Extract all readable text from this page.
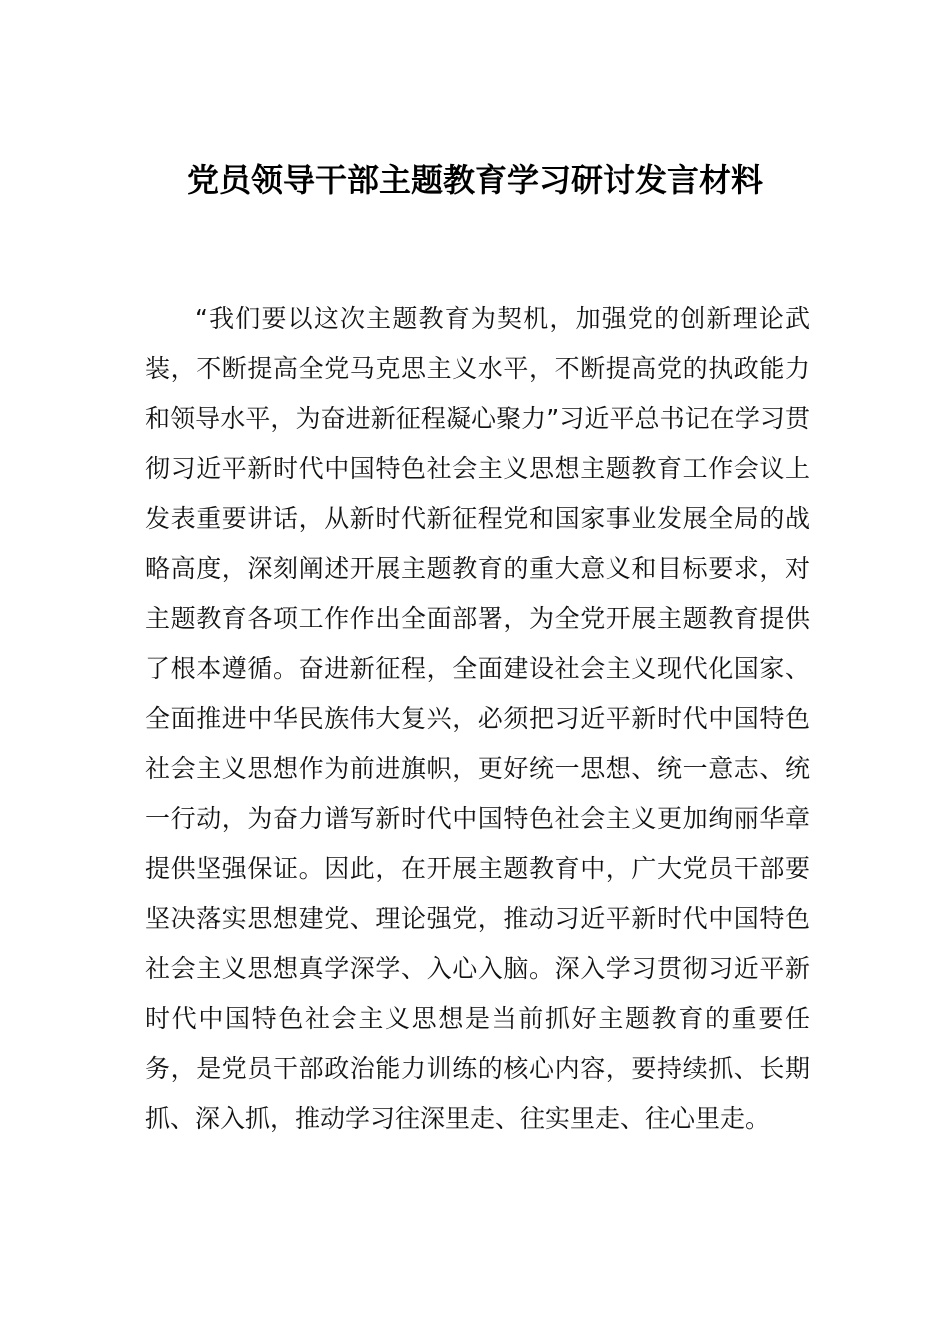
党员领导干部主题教育学习研讨发言材料

“我们要以这次主题教育为契机，加强党的创新理论武装，不断提高全党马克思主义水平，不断提高党的执政能力和领导水平，为奋进新征程凝心聚力”习近平总书记在学习贯彻习近平新时代中国特色社会主义思想主题教育工作会议上发表重要讲话，从新时代新征程党和国家事业发展全局的战略高度，深刻阐述开展主题教育的重大意义和目标要求，对主题教育各项工作作出全面部署，为全党开展主题教育提供了根本遵循。奋进新征程，全面建设社会主义现代化国家、全面推进中华民族伟大复兴，必须把习近平新时代中国特色社会主义思想作为前进旗帜，更好统一思想、统一意志、统一行动，为奋力谱写新时代中国特色社会主义更加绚丽华章提供坚强保证。因此，在开展主题教育中，广大党员干部要坚决落实思想建党、理论强党，推动习近平新时代中国特色社会主义思想真学深学、入心入脑。深入学习贯彻习近平新时代中国特色社会主义思想是当前抓好主题教育的重要任务，是党员干部政治能力训练的核心内容，要持续抓、长期抓、深入抓，推动学习往深里走、往实里走、往心里走。
